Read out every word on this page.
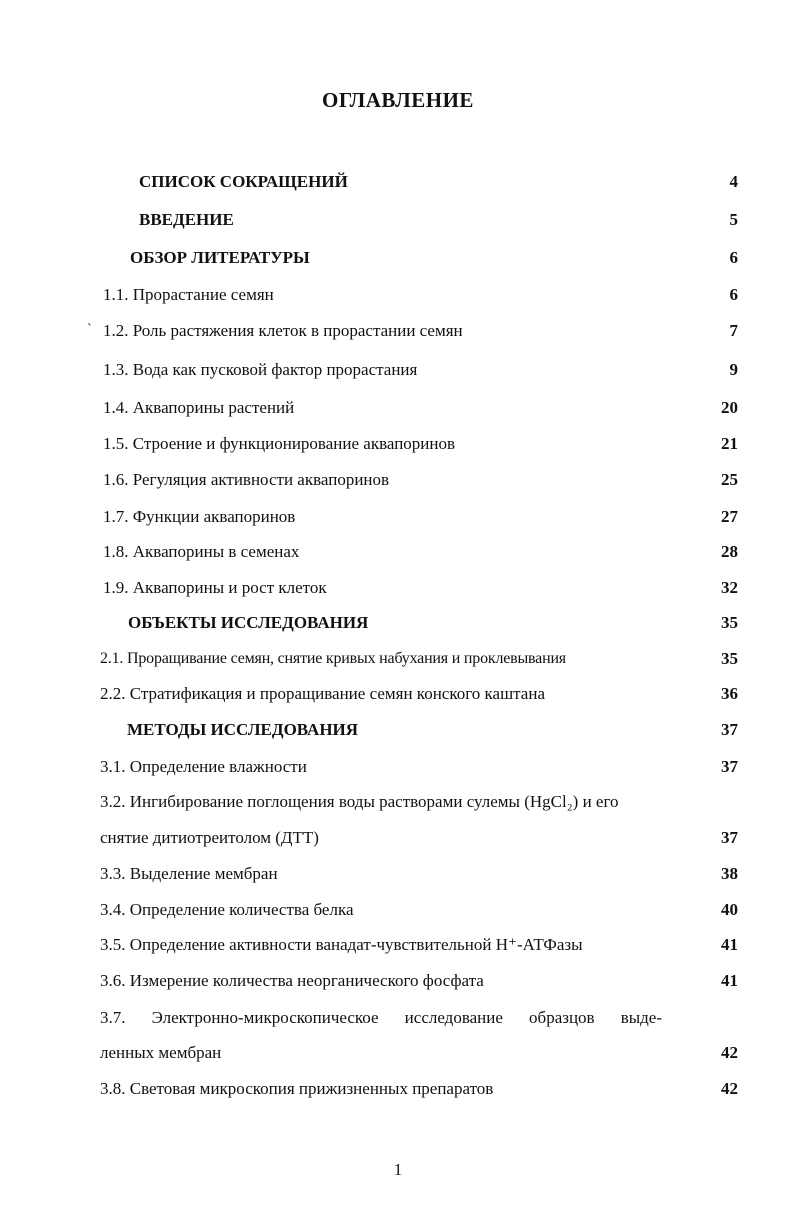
ОГЛАВЛЕНИЕ
СПИСОК СОКРАЩЕНИЙ	4
ВВЕДЕНИЕ	5
ОБЗОР ЛИТЕРАТУРЫ	6
1.1. Прорастание семян	6
` 1.2. Роль растяжения клеток в прорастании семян	7
1.3. Вода как пусковой фактор прорастания	9
1.4. Аквапорины растений	20
1.5. Строение и функционирование аквапоринов	21
1.6. Регуляция активности аквапоринов	25
1.7. Функции аквапоринов	27
1.8. Аквапорины в семенах	28
1.9. Аквапорины и рост клеток	32
ОБЪЕКТЫ ИССЛЕДОВАНИЯ	35
2.1. Проращивание семян, снятие кривых набухания и проклевывания	35
2.2. Стратификация и проращивание семян конского каштана	36
МЕТОДЫ ИССЛЕДОВАНИЯ	37
3.1. Определение влажности	37
3.2. Ингибирование поглощения воды растворами сулемы (HgCl₂) и его
снятие дитиотреитолом (ДТТ)	37
3.3. Выделение мембран	38
3.4. Определение количества белка	40
3.5. Определение активности ванадат-чувствительной H⁺-АТФазы	41
3.6. Измерение количества неорганического фосфата	41
3.7. Электронно-микроскопическое исследование образцов выде-
ленных мембран	42
3.8. Световая микроскопия прижизненных препаратов	42
1
